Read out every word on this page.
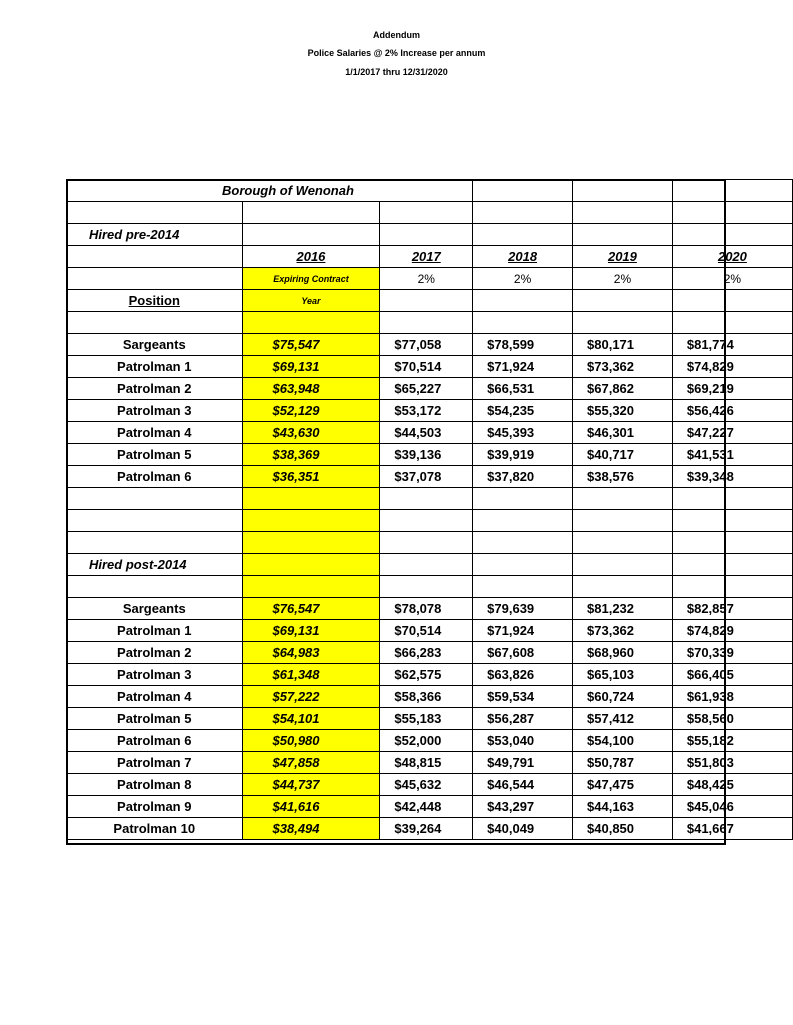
Addendum
Police Salaries @ 2% Increase per annum
1/1/2017 thru 12/31/2020
	Borough of Wenonah				

Hired pre-2014					
	2016	2017	2018	2019	2020
	Expiring Contract	2%	2%	2%	2%
Position	Year				

Sargeants	$75,547	$77,058	$78,599	$80,171	$81,774
Patrolman 1	$69,131	$70,514	$71,924	$73,362	$74,829
Patrolman 2	$63,948	$65,227	$66,531	$67,862	$69,219
Patrolman 3	$52,129	$53,172	$54,235	$55,320	$56,426
Patrolman 4	$43,630	$44,503	$45,393	$46,301	$47,227
Patrolman 5	$38,369	$39,136	$39,919	$40,717	$41,531
Patrolman 6	$36,351	$37,078	$37,820	$38,576	$39,348

Hired post-2014					

Sargeants	$76,547	$78,078	$79,639	$81,232	$82,857
Patrolman 1	$69,131	$70,514	$71,924	$73,362	$74,829
Patrolman 2	$64,983	$66,283	$67,608	$68,960	$70,339
Patrolman 3	$61,348	$62,575	$63,826	$65,103	$66,405
Patrolman 4	$57,222	$58,366	$59,534	$60,724	$61,938
Patrolman 5	$54,101	$55,183	$56,287	$57,412	$58,560
Patrolman 6	$50,980	$52,000	$53,040	$54,100	$55,182
Patrolman 7	$47,858	$48,815	$49,791	$50,787	$51,803
Patrolman 8	$44,737	$45,632	$46,544	$47,475	$48,425
Patrolman 9	$41,616	$42,448	$43,297	$44,163	$45,046
Patrolman 10	$38,494	$39,264	$40,049	$40,850	$41,667
